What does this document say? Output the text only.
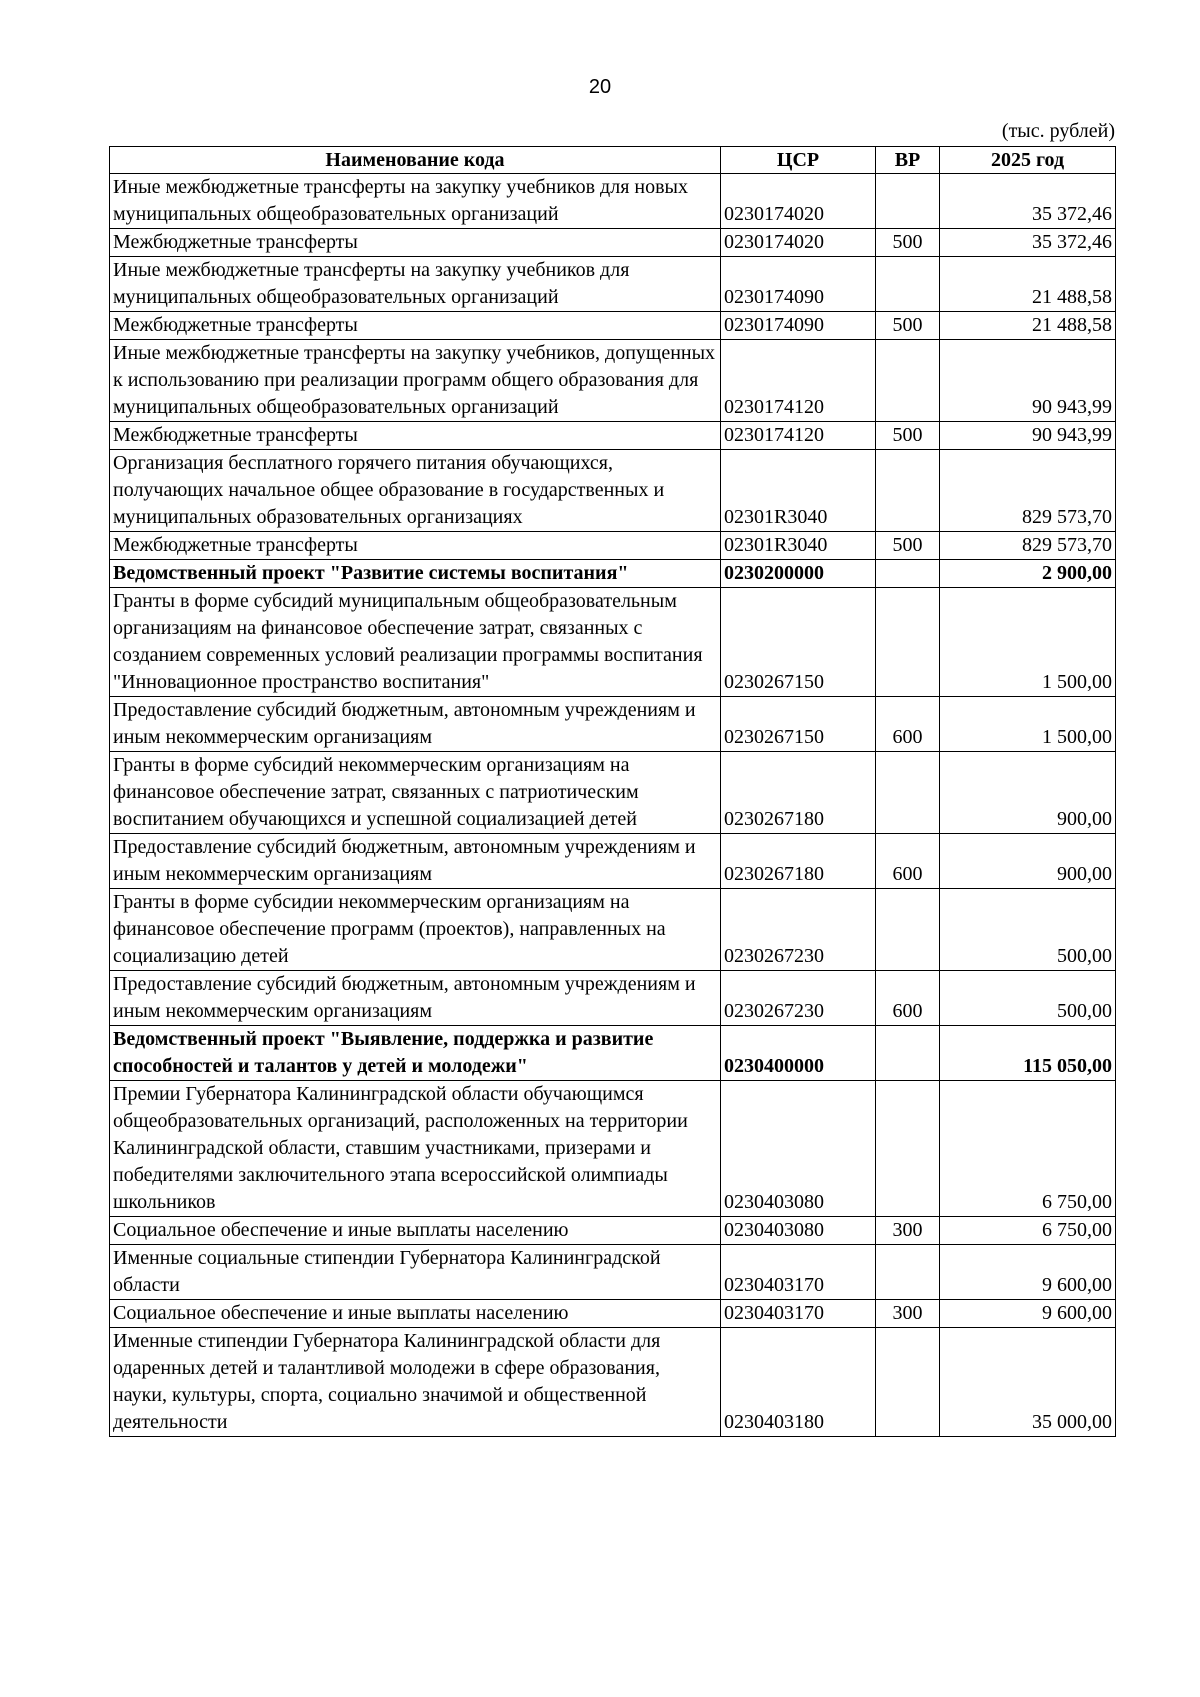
20
(тыс. рублей)
Наименование кода	ЦСР	ВР	2025 год
Иные межбюджетные трансферты на закупку учебников для новых муниципальных общеобразовательных организаций	0230174020		35 372,46
Межбюджетные трансферты	0230174020	500	35 372,46
Иные межбюджетные трансферты на закупку учебников для муниципальных общеобразовательных организаций	0230174090		21 488,58
Межбюджетные трансферты	0230174090	500	21 488,58
Иные межбюджетные трансферты на закупку учебников, допущенных к использованию при реализации программ общего образования для муниципальных общеобразовательных организаций	0230174120		90 943,99
Межбюджетные трансферты	0230174120	500	90 943,99
Организация бесплатного горячего питания обучающихся, получающих начальное общее образование в государственных и муниципальных образовательных организациях	02301R3040		829 573,70
Межбюджетные трансферты	02301R3040	500	829 573,70
Ведомственный проект "Развитие системы воспитания"	0230200000		2 900,00
Гранты в форме субсидий муниципальным общеобразовательным организациям на финансовое обеспечение затрат, связанных с созданием современных условий реализации программы воспитания "Инновационное пространство воспитания"	0230267150		1 500,00
Предоставление субсидий бюджетным, автономным учреждениям и иным некоммерческим организациям	0230267150	600	1 500,00
Гранты в форме субсидий некоммерческим организациям на финансовое обеспечение затрат, связанных с патриотическим воспитанием обучающихся и успешной социализацией детей	0230267180		900,00
Предоставление субсидий бюджетным, автономным учреждениям и иным некоммерческим организациям	0230267180	600	900,00
Гранты в форме субсидии некоммерческим организациям на финансовое обеспечение программ (проектов), направленных на социализацию детей	0230267230		500,00
Предоставление субсидий бюджетным, автономным учреждениям и иным некоммерческим организациям	0230267230	600	500,00
Ведомственный проект "Выявление, поддержка и развитие способностей и талантов у детей и молодежи"	0230400000		115 050,00
Премии Губернатора Калининградской области обучающимся общеобразовательных организаций, расположенных на территории Калининградской области, ставшим участниками, призерами и победителями заключительного этапа всероссийской олимпиады школьников	0230403080		6 750,00
Социальное обеспечение и иные выплаты населению	0230403080	300	6 750,00
Именные социальные стипендии Губернатора Калининградской области	0230403170		9 600,00
Социальное обеспечение и иные выплаты населению	0230403170	300	9 600,00
Именные стипендии Губернатора Калининградской области для одаренных детей и талантливой молодежи в сфере образования, науки, культуры, спорта, социально значимой и общественной деятельности	0230403180		35 000,00
